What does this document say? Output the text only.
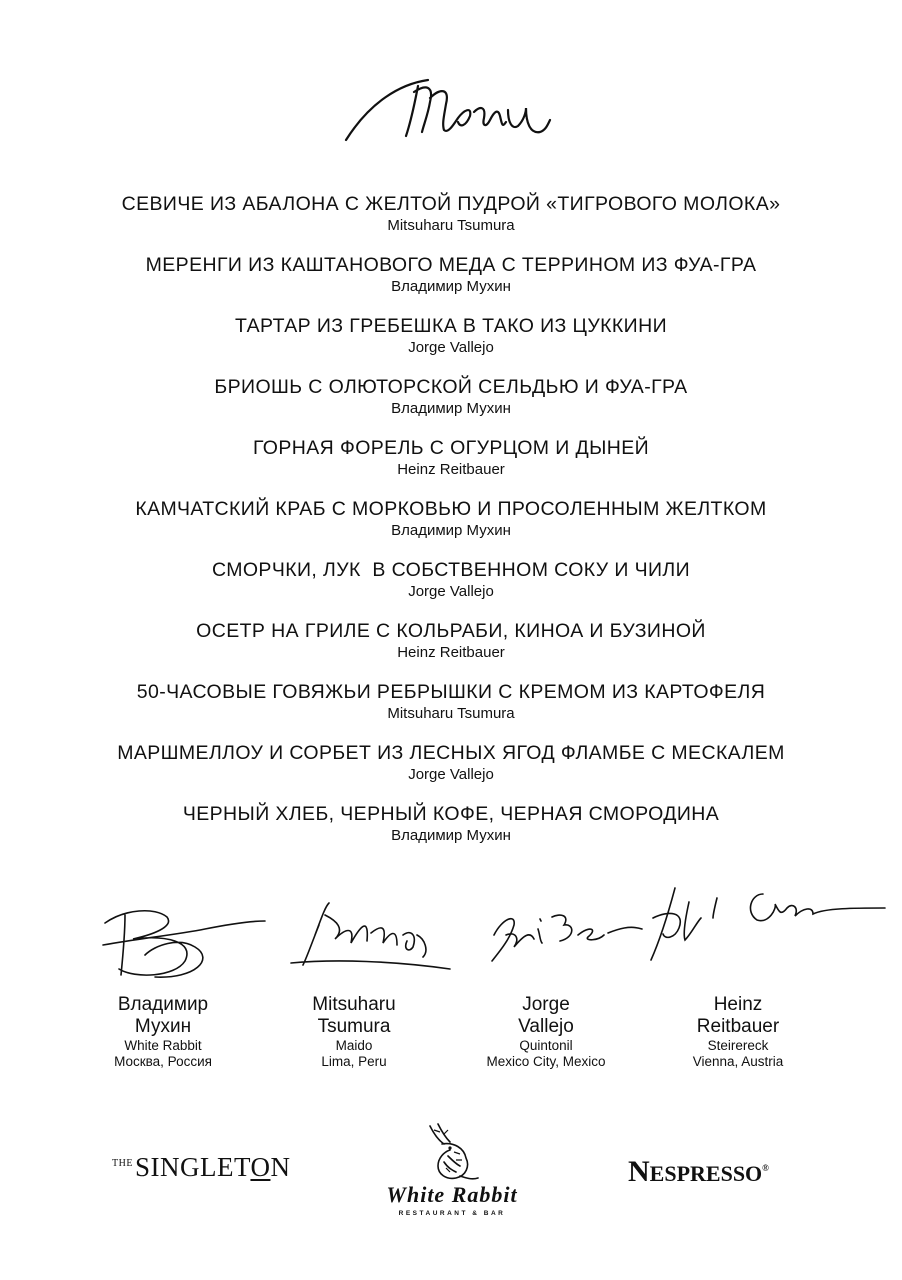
СЕВИЧЕ ИЗ АБАЛОНА С ЖЕЛТОЙ ПУДРОЙ «ТИГРОВОГО МОЛОКА»
Mitsuharu Tsumura
МЕРЕНГИ ИЗ КАШТАНОВОГО МЕДА С ТЕРРИНОМ ИЗ ФУА-ГРА
Владимир Мухин
ТАРТАР ИЗ ГРЕБЕШКА В ТАКО ИЗ ЦУККИНИ
Jorge Vallejo
БРИОШЬ С ОЛЮТОРСКОЙ СЕЛЬДЬЮ И ФУА-ГРА
Владимир Мухин
ГОРНАЯ ФОРЕЛЬ С ОГУРЦОМ И ДЫНЕЙ
Heinz Reitbauer
КАМЧАТСКИЙ КРАБ С МОРКОВЬЮ И ПРОСОЛЕННЫМ ЖЕЛТКОМ
Владимир Мухин
СМОРЧКИ, ЛУК  В СОБСТВЕННОМ СОКУ И ЧИЛИ
Jorge Vallejo
ОСЕТР НА ГРИЛЕ С КОЛЬРАБИ, КИНОА И БУЗИНОЙ
Heinz Reitbauer
50-ЧАСОВЫЕ ГОВЯЖЬИ РЕБРЫШКИ С КРЕМОМ ИЗ КАРТОФЕЛЯ
Mitsuharu Tsumura
МАРШМЕЛЛОУ И СОРБЕТ ИЗ ЛЕСНЫХ ЯГОД ФЛАМБЕ С МЕСКАЛЕМ
Jorge Vallejo
ЧЕРНЫЙ ХЛЕБ, ЧЕРНЫЙ КОФЕ, ЧЕРНАЯ СМОРОДИНА
Владимир Мухин
Владимир
Мухин
White Rabbit
Москва, Россия
Mitsuharu
Tsumura
Maido
Lima, Peru
Jorge
Vallejo
Quintonil
Mexico City, Mexico
Heinz
Reitbauer
Steirereck
Vienna, Austria
$^{THE}$SINGLETON
White Rabbit
RESTAURANT & BAR
NESPRESSO®
